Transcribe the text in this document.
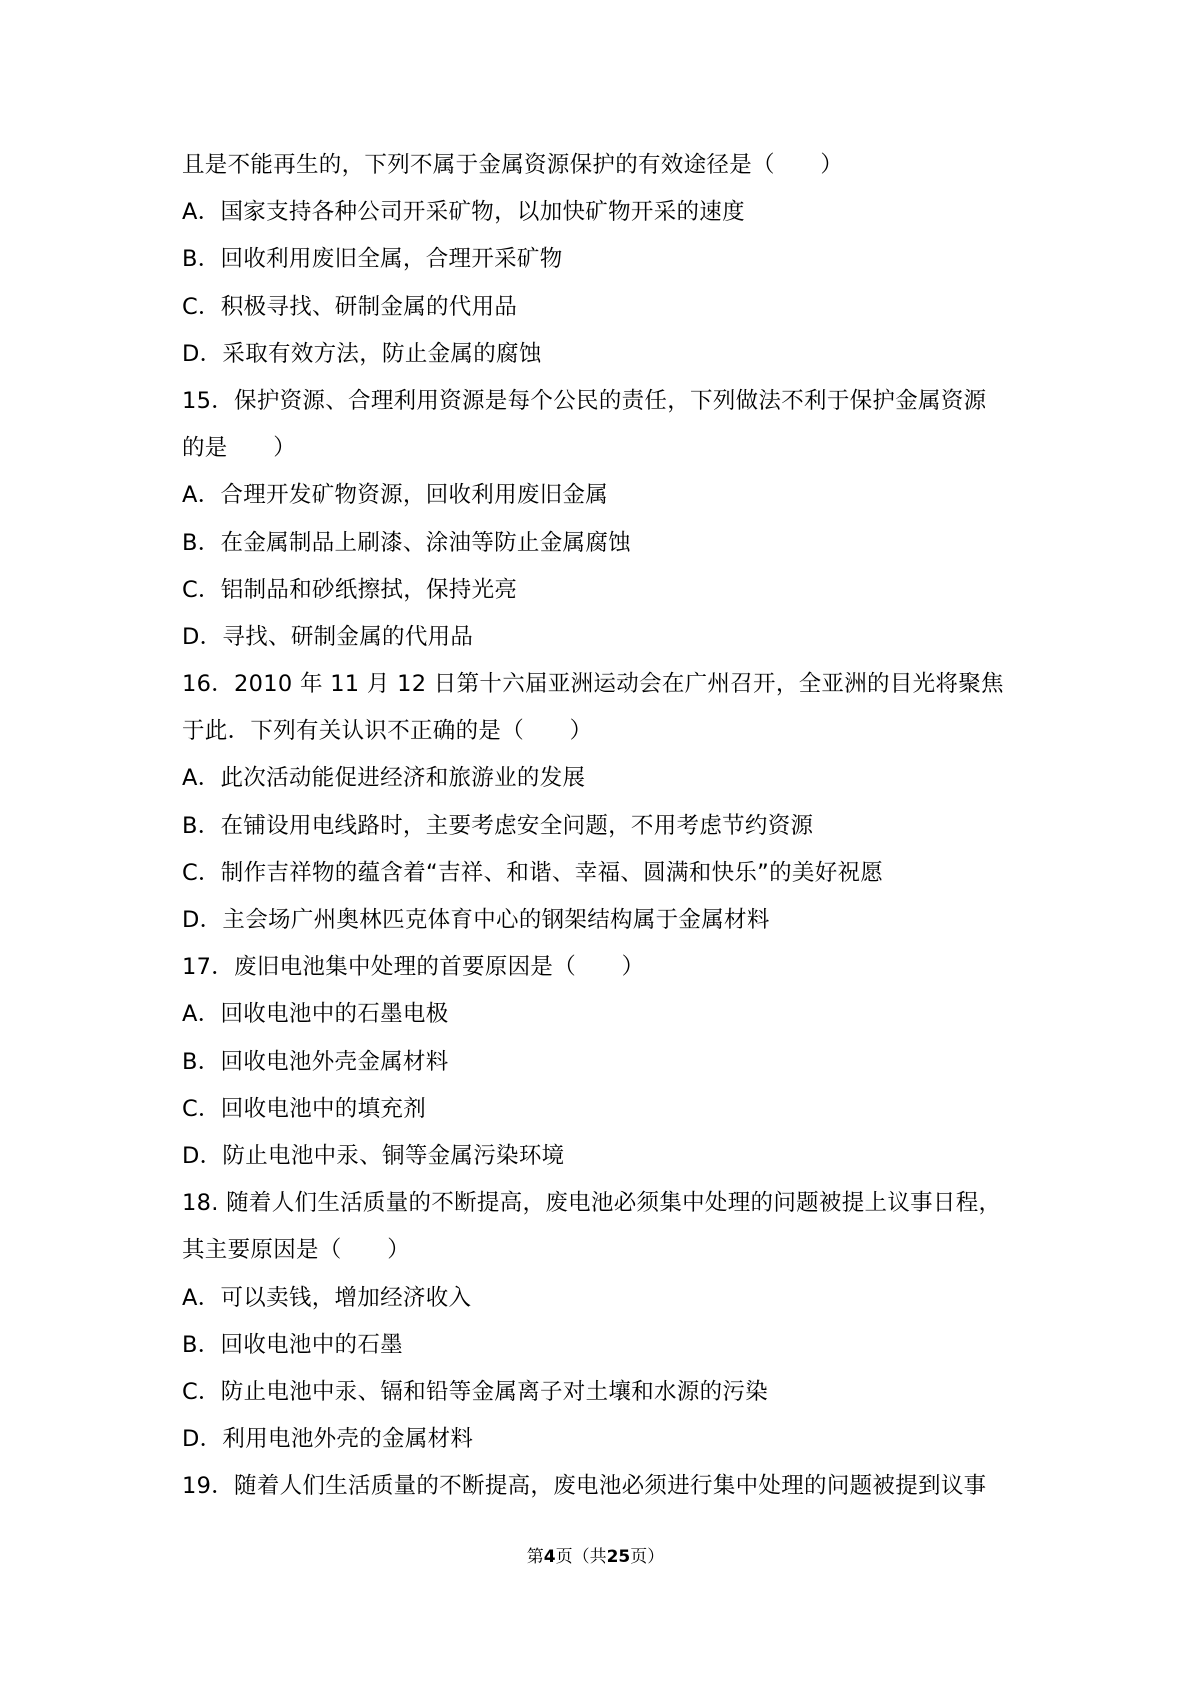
且是不能再生的，下列不属于金属资源保护的有效途径是（　　）
A．国家支持各种公司开采矿物，以加快矿物开采的速度
B．回收利用废旧全属，合理开采矿物
C．积极寻找、研制金属的代用品
D．采取有效方法，防止金属的腐蚀
15．保护资源、合理利用资源是每个公民的责任，下列做法不利于保护金属资源
的是　　）
A．合理开发矿物资源，回收利用废旧金属
B．在金属制品上刷漆、涂油等防止金属腐蚀
C．铝制品和砂纸擦拭，保持光亮
D．寻找、研制金属的代用品
16．2010 年 11 月 12 日第十六届亚洲运动会在广州召开，全亚洲的目光将聚焦
于此．下列有关认识不正确的是（　　）
A．此次活动能促进经济和旅游业的发展
B．在铺设用电线路时，主要考虑安全问题，不用考虑节约资源
C．制作吉祥物的蕴含着“吉祥、和谐、幸福、圆满和快乐”的美好祝愿
D．主会场广州奥林匹克体育中心的钢架结构属于金属材料
17．废旧电池集中处理的首要原因是（　　）
A．回收电池中的石墨电极
B．回收电池外壳金属材料
C．回收电池中的填充剂
D．防止电池中汞、铜等金属污染环境
18. 随着人们生活质量的不断提高，废电池必须集中处理的问题被提上议事日程，
其主要原因是（　　）
A．可以卖钱，增加经济收入
B．回收电池中的石墨
C．防止电池中汞、镉和铅等金属离子对土壤和水源的污染
D．利用电池外壳的金属材料
19．随着人们生活质量的不断提高，废电池必须进行集中处理的问题被提到议事
第4页（共25页）
